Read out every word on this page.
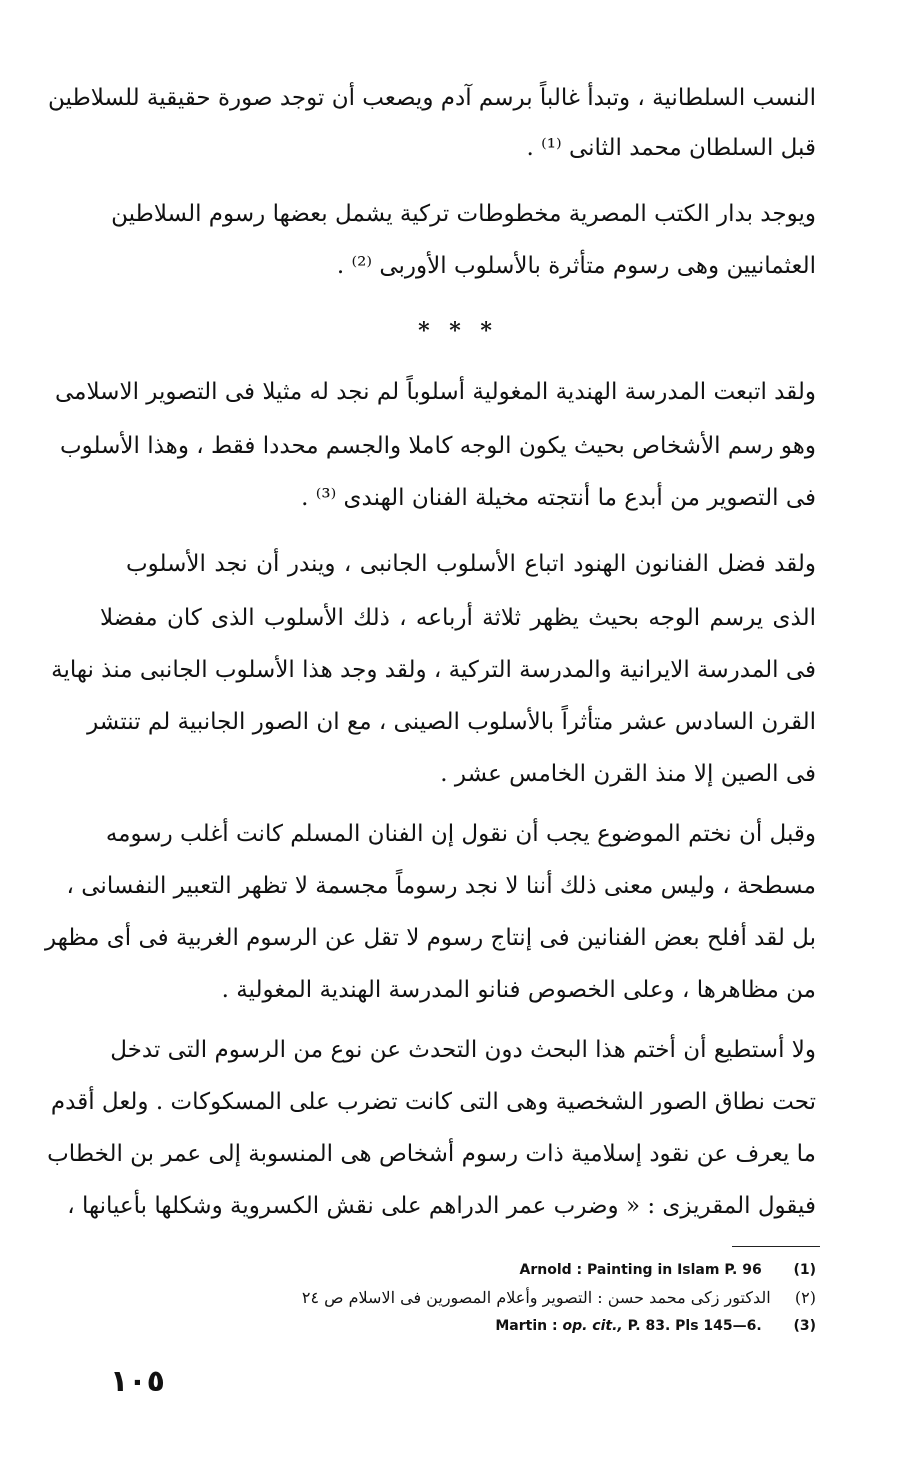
النسب السلطانية ، وتبدأ غالباً برسم آدم ويصعب أن توجد صورة حقيقية للسلاطين
قبل السلطان محمد الثانى ⁽¹⁾ .
ويوجد بدار الكتب المصرية مخطوطات تركية يشمل بعضها رسوم السلاطين
العثمانيين وهى رسوم متأثرة بالأسلوب الأوربى ⁽²⁾ .
* * *
ولقد اتبعت المدرسة الهندية المغولية أسلوباً لم نجد له مثيلا فى التصوير الاسلامى
وهو رسم الأشخاص بحيث يكون الوجه كاملا والجسم محددا فقط ، وهذا الأسلوب
فى التصوير من أبدع ما أنتجته مخيلة الفنان الهندى ⁽³⁾ .
ولقد فضل الفنانون الهنود اتباع الأسلوب الجانبى ، ويندر أن نجد الأسلوب
الذى يرسم الوجه بحيث يظهر ثلاثة أرباعه ، ذلك الأسلوب الذى كان مفضلا
فى المدرسة الايرانية والمدرسة التركية ، ولقد وجد هذا الأسلوب الجانبى منذ نهاية
القرن السادس عشر متأثراً بالأسلوب الصينى ، مع ان الصور الجانبية لم تنتشر
فى الصين إلا منذ القرن الخامس عشر .
وقبل أن نختم الموضوع يجب أن نقول إن الفنان المسلم كانت أغلب رسومه
مسطحة ، وليس معنى ذلك أننا لا نجد رسوماً مجسمة لا تظهر التعبير النفسانى ،
بل لقد أفلح بعض الفنانين فى إنتاج رسوم لا تقل عن الرسوم الغربية فى أى مظهر
من مظاهرها ، وعلى الخصوص فنانو المدرسة الهندية المغولية .
ولا أستطيع أن أختم هذا البحث دون التحدث عن نوع من الرسوم التى تدخل
تحت نطاق الصور الشخصية وهى التى كانت تضرب على المسكوكات . ولعل أقدم
ما يعرف عن نقود إسلامية ذات رسوم أشخاص هى المنسوبة إلى عمر بن الخطاب
فيقول المقريزى : « وضرب عمر الدراهم على نقش الكسروية وشكلها بأعيانها ،
Arnold : Painting in Islam P. 96 (1)
(٢)  الدكتور زكى محمد حسن : التصوير وأعلام المصورين فى الاسلام ص ٢٤
Martin : op. cit., P. 83. Pls 145—6. (3)
١٠٥
